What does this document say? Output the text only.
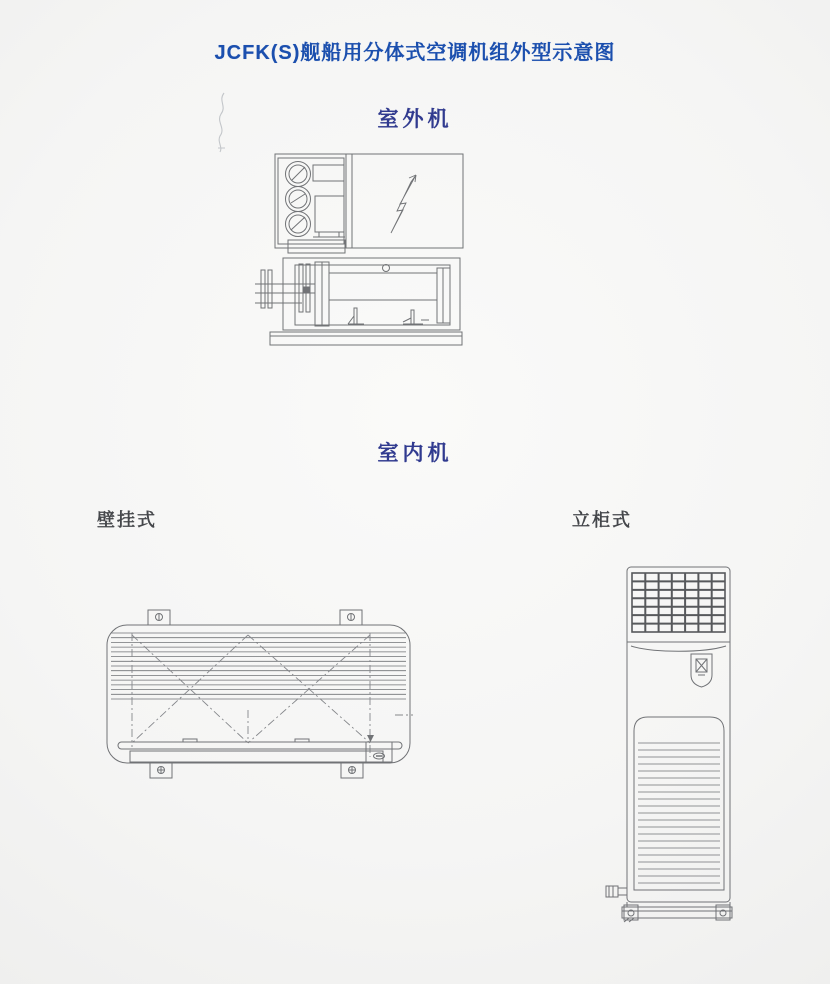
JCFK(S)舰船用分体式空调机组外型示意图
室外机
室内机
壁挂式	立柜式
